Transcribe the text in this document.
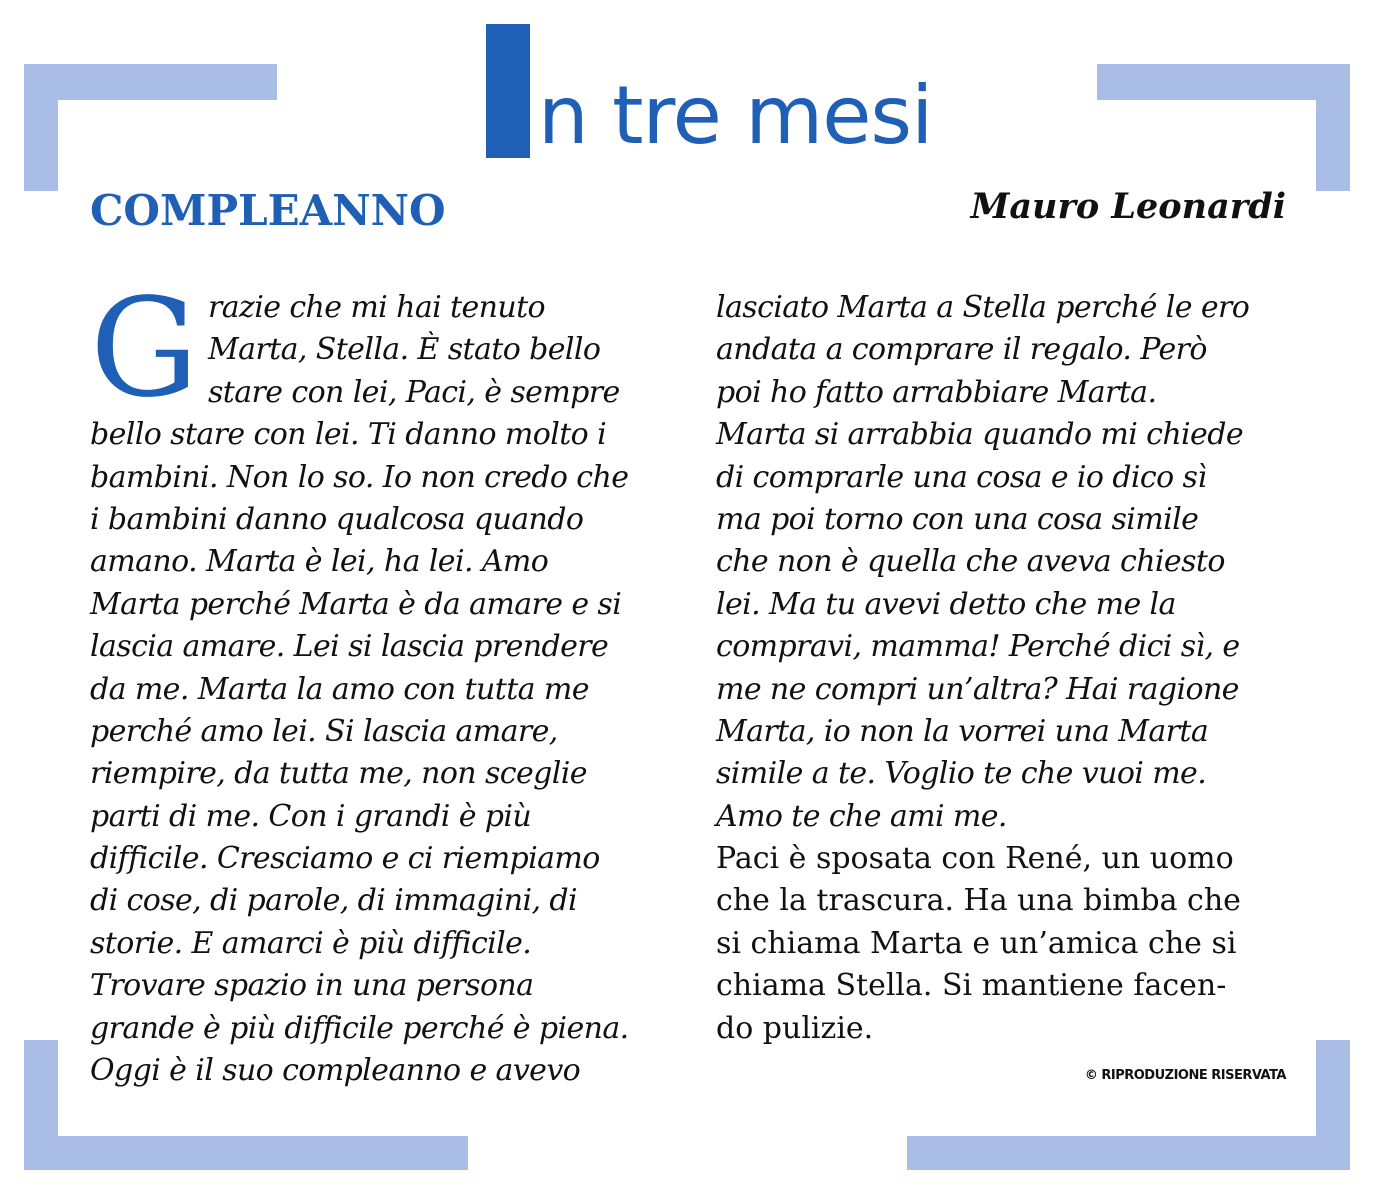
n tre mesi
COMPLEANNO	Mauro Leonardi
G razie che mi hai tenuto
Marta, Stella. È stato bello
stare con lei, Paci, è sempre
bello stare con lei. Ti danno molto i
bambini. Non lo so. Io non credo che
i bambini danno qualcosa quando
amano. Marta è lei, ha lei. Amo
Marta perché Marta è da amare e si
lascia amare. Lei si lascia prendere
da me. Marta la amo con tutta me
perché amo lei. Si lascia amare,
riempire, da tutta me, non sceglie
parti di me. Con i grandi è più
difficile. Cresciamo e ci riempiamo
di cose, di parole, di immagini, di
storie. E amarci è più difficile.
Trovare spazio in una persona
grande è più difficile perché è piena.
Oggi è il suo compleanno e avevo
lasciato Marta a Stella perché le ero
andata a comprare il regalo. Però
poi ho fatto arrabbiare Marta.
Marta si arrabbia quando mi chiede
di comprarle una cosa e io dico sì
ma poi torno con una cosa simile
che non è quella che aveva chiesto
lei. Ma tu avevi detto che me la
compravi, mamma! Perché dici sì, e
me ne compri un’altra? Hai ragione
Marta, io non la vorrei una Marta
simile a te. Voglio te che vuoi me.
Amo te che ami me.
Paci è sposata con René, un uomo
che la trascura. Ha una bimba che
si chiama Marta e un’amica che si
chiama Stella. Si mantiene facen-
do pulizie.
© RIPRODUZIONE RISERVATA
